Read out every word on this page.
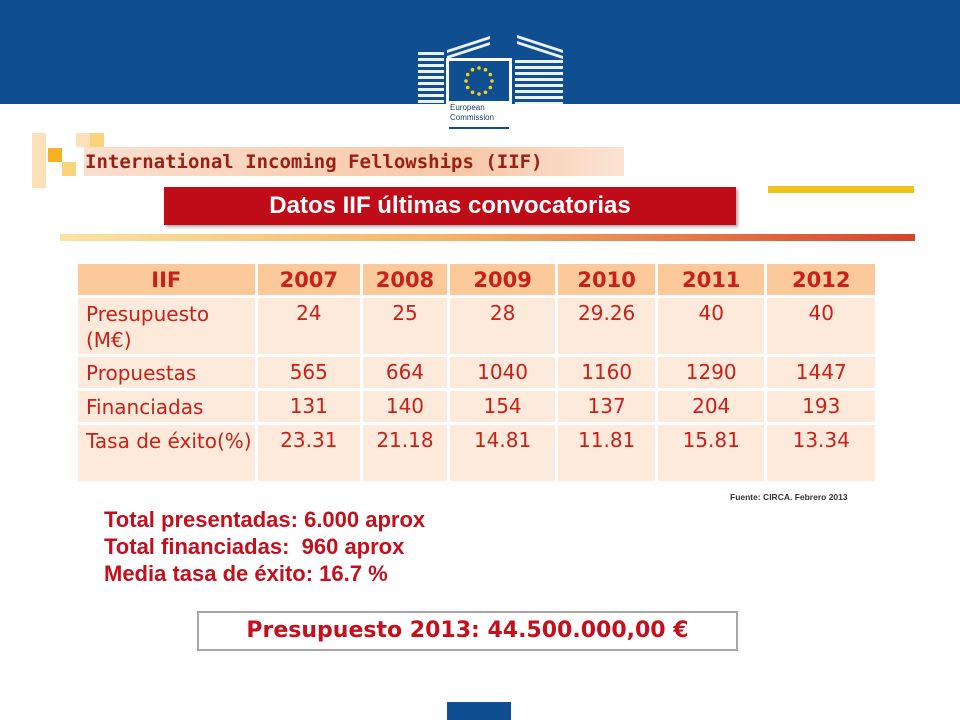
European
Commission
International Incoming Fellowships (IIF)
Datos IIF últimas convocatorias
IIF	2007	2008	2009	2010	2011	2012
Presupuesto (M€)	24	25	28	29.26	40	40
Propuestas	565	664	1040	1160	1290	1447
Financiadas	131	140	154	137	204	193
Tasa de éxito(%)	23.31	21.18	14.81	11.81	15.81	13.34
Fuente: CIRCA. Febrero 2013
Total presentadas: 6.000 aprox
Total financiadas:  960 aprox
Media tasa de éxito: 16.7 %
Presupuesto 2013: 44.500.000,00 €
